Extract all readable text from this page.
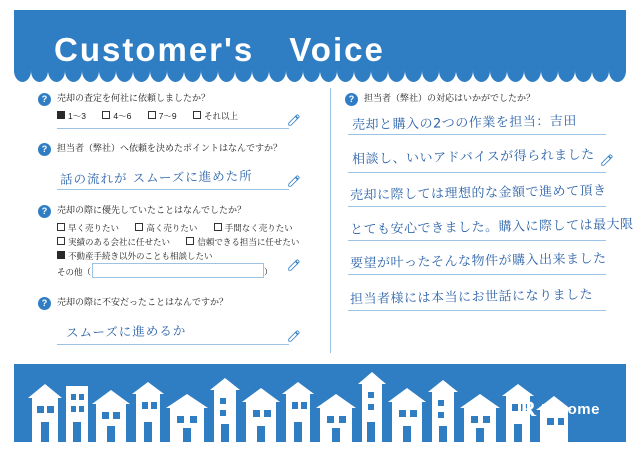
Customer's　Voice
?	売却の査定を何社に依頼しましたか？
1～3	4～6	7～9	それ以上
?	担当者（弊社）へ依頼を決めたポイントはなんですか？
話の流れが スムーズに進めた所
?	売却の際に優先していたことはなんでしたか？
早く売りたい	高く売りたい	手間なく売りたい
実績のある会社に任せたい	信頼できる担当に任せたい
不動産手続き以外のことも相談したい
その他（	）
?	売却の際に不安だったことはなんですか？
スムーズに進めるか
?	担当者（弊社）の対応はいかがでしたか？
売却と購入の2つの作業を担当：吉田
相談し、いいアドバイスが得られました
売却に際しては理想的な金額で進めて頂き
とても安心できました。購入に際しては最大限
要望が叶ったそんな物件が購入出来ました
担当者様には本当にお世話になりました
R R-home
